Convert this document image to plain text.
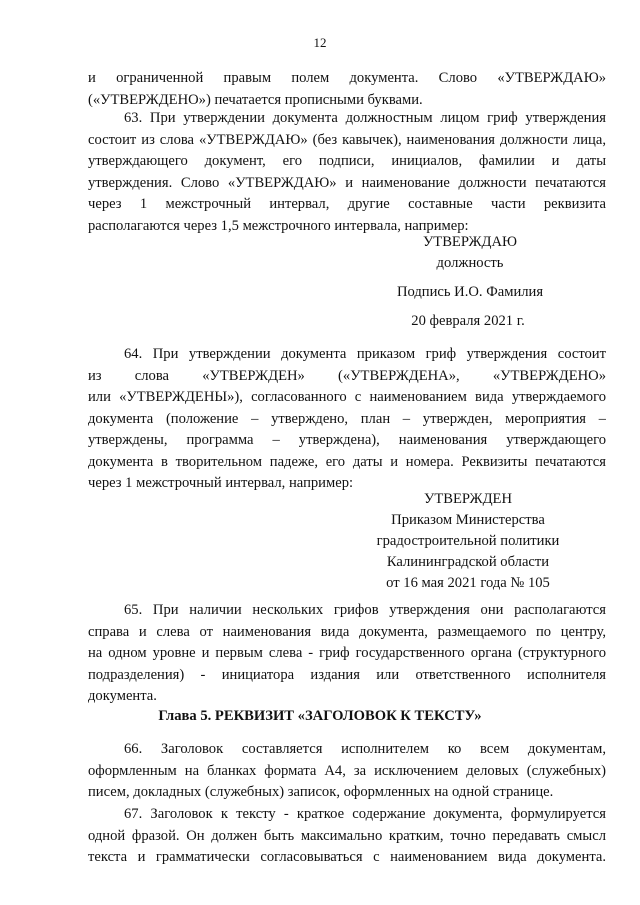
12
и ограниченной правым полем документа. Слово «УТВЕРЖДАЮ»
(«УТВЕРЖДЕНО») печатается прописными буквами.
63. При утверждении документа должностным лицом гриф утверждения
состоит из слова «УТВЕРЖДАЮ» (без кавычек), наименования должности лица,
утверждающего документ, его подписи, инициалов, фамилии и даты
утверждения. Слово «УТВЕРЖДАЮ» и наименование должности печатаются
через 1 межстрочный интервал, другие составные части реквизита
располагаются через 1,5 межстрочного интервала, например:
УТВЕРЖДАЮ
должность
Подпись И.О. Фамилия
20 февраля 2021 г.
64. При утверждении документа приказом гриф утверждения состоит
из слова «УТВЕРЖДЕН» («УТВЕРЖДЕНА», «УТВЕРЖДЕНО»
или «УТВЕРЖДЕНЫ»), согласованного с наименованием вида утверждаемого
документа (положение – утверждено, план – утвержден, мероприятия –
утверждены, программа – утверждена), наименования утверждающего
документа в творительном падеже, его даты и номера. Реквизиты печатаются
через 1 межстрочный интервал, например:
УТВЕРЖДЕН
Приказом Министерства
градостроительной политики
Калининградской области
от 16 мая 2021 года № 105
65. При наличии нескольких грифов утверждения они располагаются
справа и слева от наименования вида документа, размещаемого по центру,
на одном уровне и первым слева - гриф государственного органа (структурного
подразделения) - инициатора издания или ответственного исполнителя
документа.
Глава 5. РЕКВИЗИТ «ЗАГОЛОВОК К ТЕКСТУ»
66. Заголовок составляется исполнителем ко всем документам,
оформленным на бланках формата А4, за исключением деловых (служебных)
писем, докладных (служебных) записок, оформленных на одной странице.
67. Заголовок к тексту - краткое содержание документа, формулируется
одной фразой. Он должен быть максимально кратким, точно передавать смысл
текста и грамматически согласовываться с наименованием вида документа.
